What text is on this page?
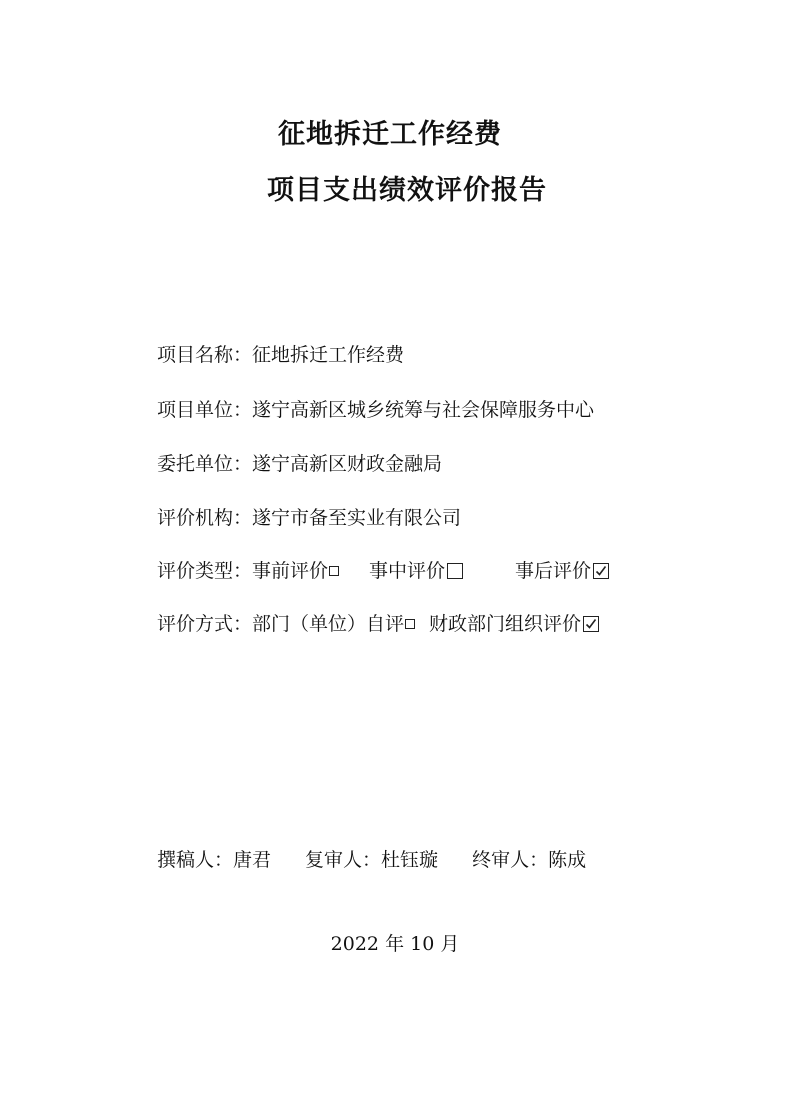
征地拆迁工作经费
项目支出绩效评价报告
项目名称：征地拆迁工作经费
项目单位：遂宁高新区城乡统筹与社会保障服务中心
委托单位：遂宁高新区财政金融局
评价机构：遂宁市备至实业有限公司
评价类型：事前评价 事中评价	事后评价
评价方式：部门（单位）自评 财政部门组织评价
撰稿人：唐君 复审人：杜钰璇 终审人：陈成
2022 年 10 月
